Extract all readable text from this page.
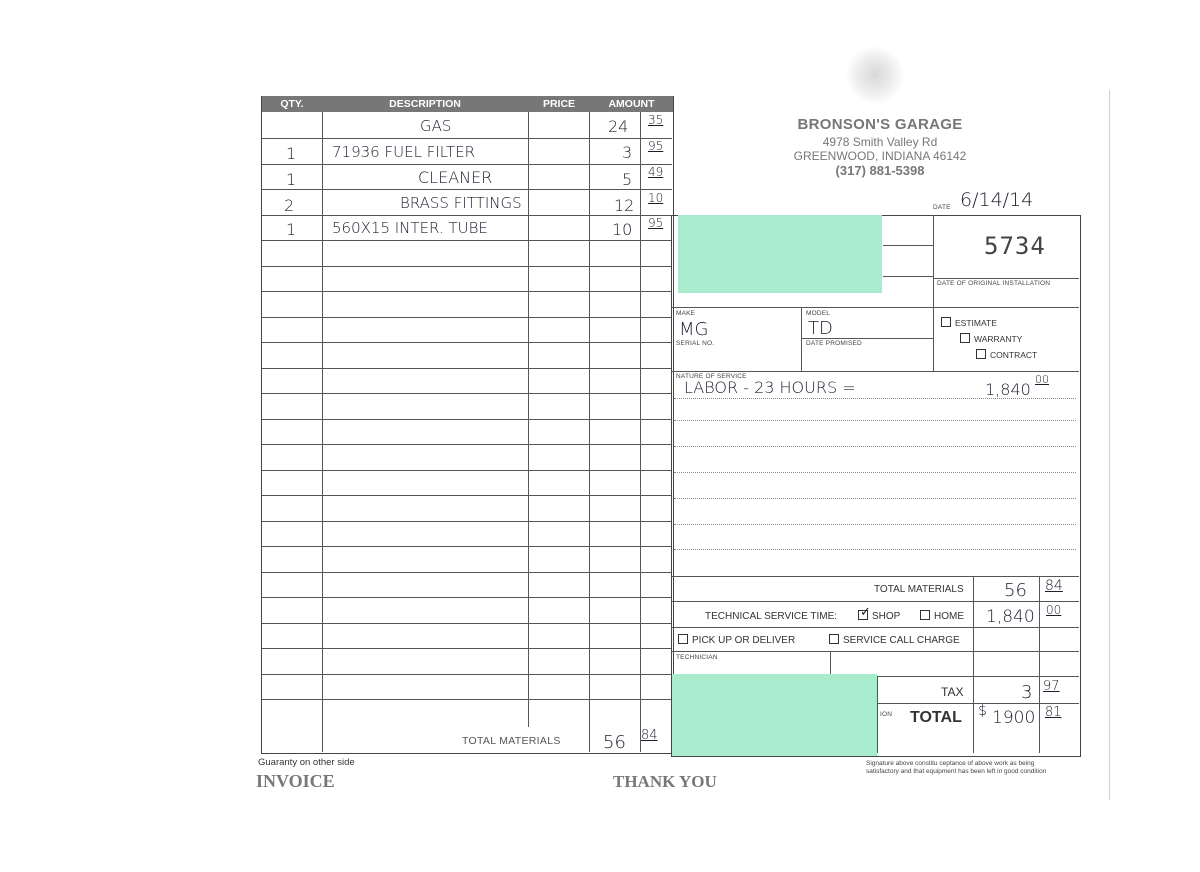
QTY.	DESCRIPTION	PRICE	AMOUNT
GAS	24 35
1 71936 FUEL FILTER	3 95
1	CLEANER	5 49
2	BRASS FITTINGS	12 10
1 560X15 INTER. TUBE	10 95
TOTAL MATERIALS 56 84
BRONSON'S GARAGE
4978 Smith Valley Rd
GREENWOOD, INDIANA 46142
(317) 881-5398
DATE 6/14/14
5734
DATE OF ORIGINAL INSTALLATION
MAKE
MG
SERIAL NO.
MODEL
TD
DATE PROMISED
ESTIMATE
WARRANTY
CONTRACT
NATURE OF SERVICE
LABOR - 23 HOURS =	1,840
00
TOTAL MATERIALS 56 84
TECHNICAL SERVICE TIME:
✓	SHOP	HOME 1,840 00
PICK UP OR DELIVER	SERVICE CALL CHARGE
TECHNICIAN
TAX	3 97
ION TOTAL $ 1900 81
Guaranty on other side
INVOICE	THANK YOU
Signature above constitu ceptance of above work as being
satisfactory and that equipment has been left in good condition
